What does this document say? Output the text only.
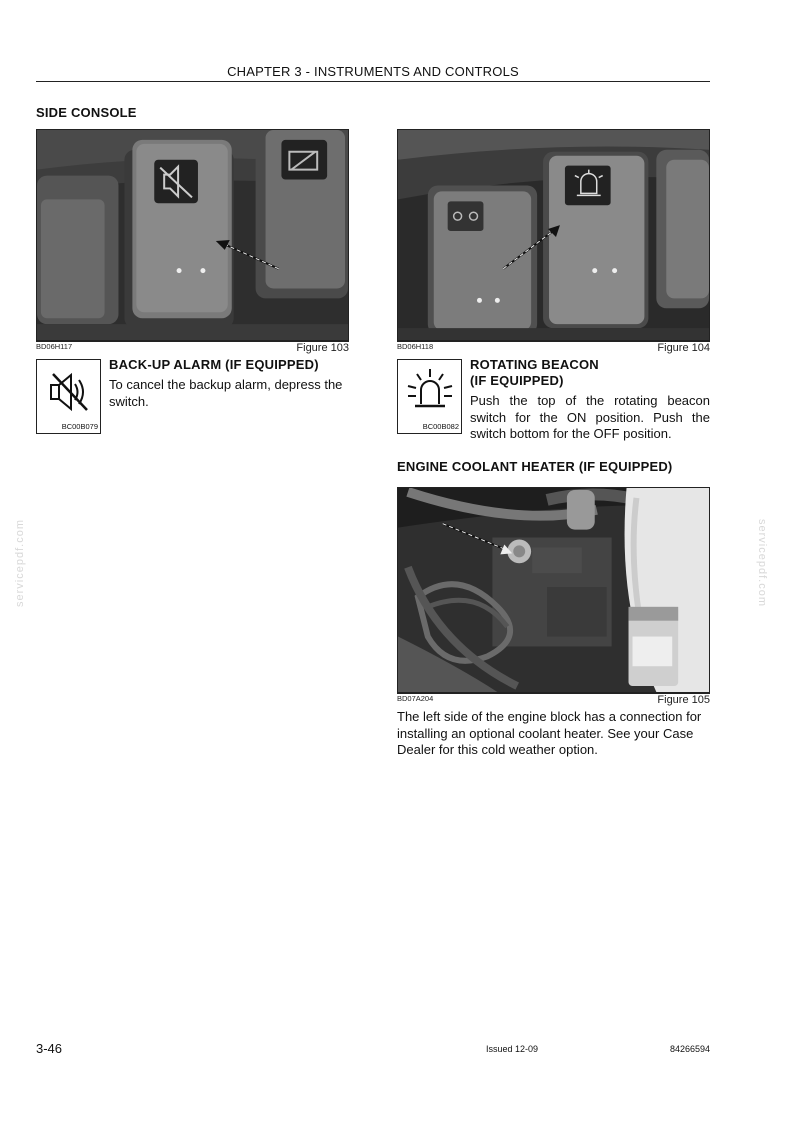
CHAPTER 3 - INSTRUMENTS AND CONTROLS
SIDE CONSOLE
BD06H117	Figure 103
BC00B079
BACK-UP ALARM (IF EQUIPPED)
To cancel the backup alarm, depress the switch.
BD06H118	Figure 104
BC00B082
ROTATING BEACON
(IF EQUIPPED)
Push the top of the rotating beacon switch for the ON position. Push the switch bottom for the OFF position.
ENGINE COOLANT HEATER (IF EQUIPPED)
BD07A204	Figure 105
The left side of the engine block has a connection for installing an optional coolant heater. See your Case Dealer for this cold weather option.
servicepdf.com	servicepdf.com
3-46	Issued 12-09	84266594
